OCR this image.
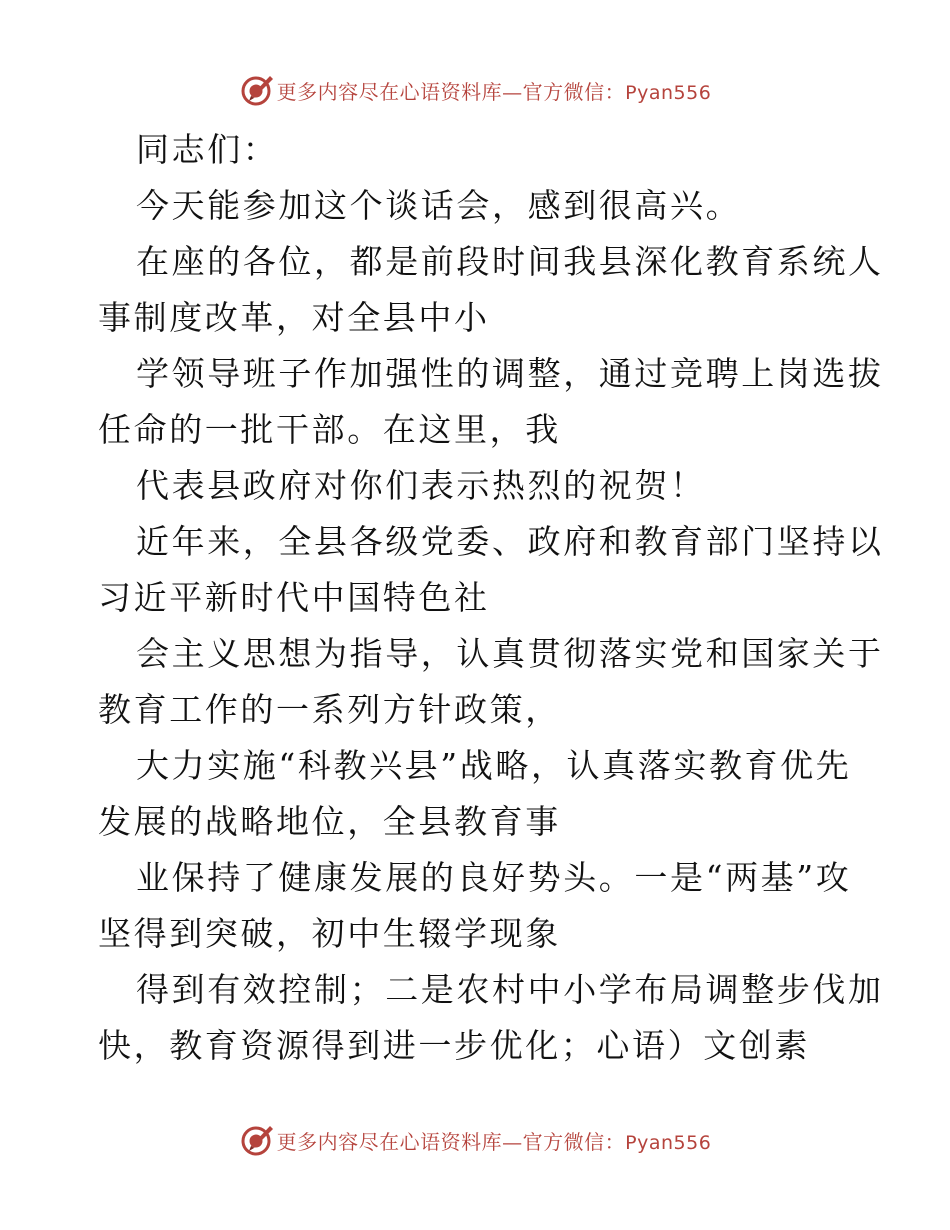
更多内容尽在心语资料库—官方微信：Pyan556
同志们：
今天能参加这个谈话会，感到很高兴。
在座的各位，都是前段时间我县深化教育系统人
事制度改革，对全县中小
学领导班子作加强性的调整，通过竞聘上岗选拔
任命的一批干部。在这里，我
代表县政府对你们表示热烈的祝贺！
近年来，全县各级党委、政府和教育部门坚持以
习近平新时代中国特色社
会主义思想为指导，认真贯彻落实党和国家关于
教育工作的一系列方针政策，
大力实施“科教兴县”战略，认真落实教育优先
发展的战略地位，全县教育事
业保持了健康发展的良好势头。一是“两基”攻
坚得到突破，初中生辍学现象
得到有效控制；二是农村中小学布局调整步伐加
快，教育资源得到进一步优化；心语）文创素
更多内容尽在心语资料库—官方微信：Pyan556
